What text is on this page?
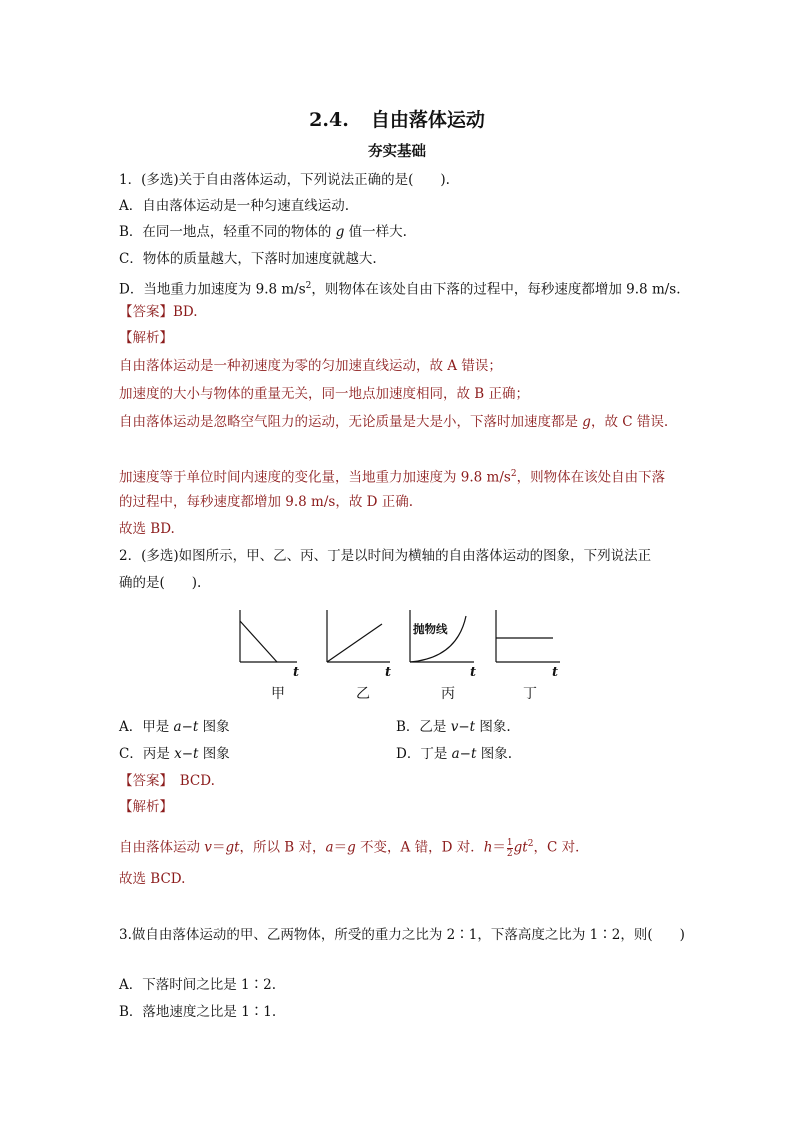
2.4. 自由落体运动
夯实基础
1．(多选)关于自由落体运动，下列说法正确的是(　　).
A．自由落体运动是一种匀速直线运动.
B．在同一地点，轻重不同的物体的 g 值一样大.
C．物体的质量越大，下落时加速度就越大.
D．当地重力加速度为 9.8 $m/s^2$，则物体在该处自由下落的过程中，每秒速度都增加 9.8 m/s.
【答案】BD.
【解析】
自由落体运动是一种初速度为零的匀加速直线运动，故 A 错误；
加速度的大小与物体的重量无关，同一地点加速度相同，故 B 正确；
自由落体运动是忽略空气阻力的运动，无论质量是大是小，下落时加速度都是 g，故 C 错误.
加速度等于单位时间内速度的变化量，当地重力加速度为 9.8 $m/s^2$，则物体在该处自由下落
的过程中，每秒速度都增加 9.8 m/s，故 D 正确.
故选 BD.
2．(多选)如图所示，甲、乙、丙、丁是以时间为横轴的自由落体运动的图象，下列说法正
确的是(　　).
t	t	t	t
抛物线
甲	乙	丙	丁
A．甲是 a−t 图象	B．乙是 v−t 图象.
C．丙是 x−t 图象	D．丁是 a−t 图象.
【答案】　BCD.
【解析】
自由落体运动 v＝gt，所以 B 对，a＝g 不变，A 错，D 对．$h= \frac{1}{2} gt^2$，C 对．
故选 BCD.
3.做自由落体运动的甲、乙两物体，所受的重力之比为 2∶1，下落高度之比为 1∶2，则(　　)
A．下落时间之比是 1∶2.
B．落地速度之比是 1∶1.
